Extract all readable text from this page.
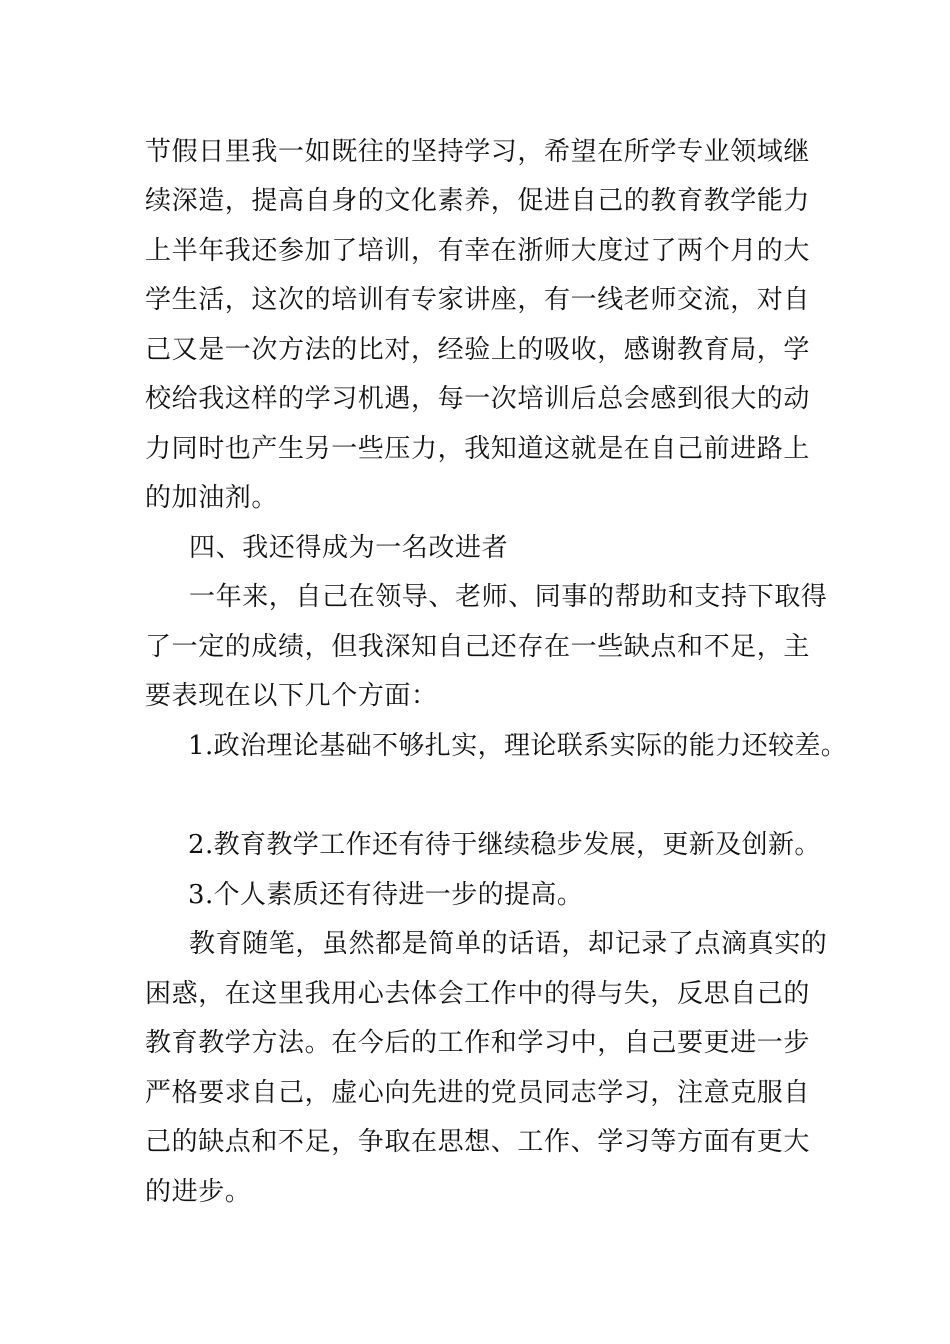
节假日里我一如既往的坚持学习，希望在所学专业领域继
续深造，提高自身的文化素养，促进自己的教育教学能力
上半年我还参加了培训，有幸在浙师大度过了两个月的大
学生活，这次的培训有专家讲座，有一线老师交流，对自
己又是一次方法的比对，经验上的吸收，感谢教育局，学
校给我这样的学习机遇，每一次培训后总会感到很大的动
力同时也产生另一些压力，我知道这就是在自己前进路上
的加油剂。
四、我还得成为一名改进者
一年来，自己在领导、老师、同事的帮助和支持下取得
了一定的成绩，但我深知自己还存在一些缺点和不足，主
要表现在以下几个方面：
1.政治理论基础不够扎实，理论联系实际的能力还较差。
2.教育教学工作还有待于继续稳步发展，更新及创新。
3.个人素质还有待进一步的提高。
教育随笔，虽然都是简单的话语，却记录了点滴真实的
困惑，在这里我用心去体会工作中的得与失，反思自己的
教育教学方法。在今后的工作和学习中，自己要更进一步
严格要求自己，虚心向先进的党员同志学习，注意克服自
己的缺点和不足，争取在思想、工作、学习等方面有更大
的进步。
